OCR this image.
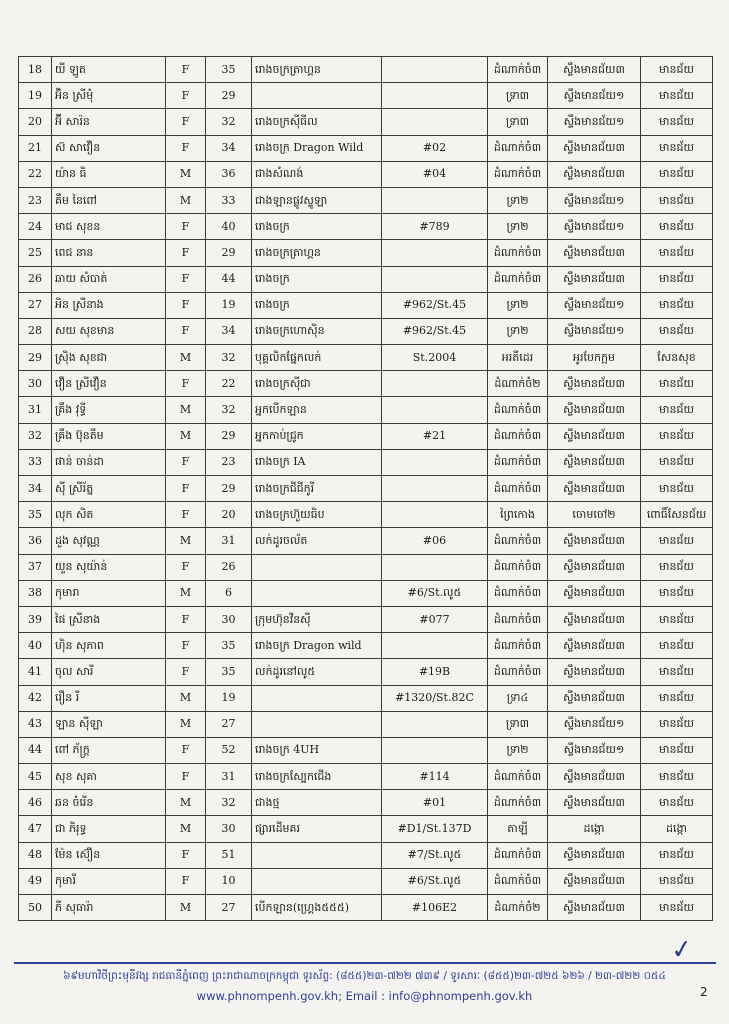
18	យី ឡូត	F	35	រោងចក្រត្រាហ្គន		ដំណាក់ចំ៣	ស្ទឹងមានជ័យ៣	មានជ័យ
19	អ៊ិន ស្រីមុំ	F	29			ទ្រា៣	ស្ទឹងមានជ័យ១	មានជ័យ
20	អ៊ី សារ៉ន	F	32	រោងចក្រស៊ីធីល		ទ្រា៣	ស្ទឹងមានជ័យ១	មានជ័យ
21	ស៊ សាវឿន	F	34	រោងចក្រ Dragon Wild	#02	ដំណាក់ចំ៣	ស្ទឹងមានជ័យ៣	មានជ័យ
22	យ៉ាន ធិ	M	36	ជាងសំណង់	#04	ដំណាក់ចំ៣	ស្ទឹងមានជ័យ៣	មានជ័យ
23	គឹម នៃពៅ	M	33	ជាងឡានផ្លូវស្ទូឡា		ទ្រា២	ស្ទឹងមានជ័យ១	មានជ័យ
24	មាជ សុខន	F	40	រោងចក្រ	#789	ទ្រា២	ស្ទឹងមានជ័យ១	មានជ័យ
25	ពេជ នាន	F	29	រោងចក្រត្រាហ្គន		ដំណាក់ចំ៣	ស្ទឹងមានជ័យ៣	មានជ័យ
26	ឆាយ សំបាត់	F	44	រោងចក្រ		ដំណាក់ចំ៣	ស្ទឹងមានជ័យ៣	មានជ័យ
27	អិន ស្រីនាង	F	19	រោងចក្រ	#962/St.45	ទ្រា២	ស្ទឹងមានជ័យ១	មានជ័យ
28	សយ សុខមាន	F	34	រោងចក្រហោស៊ិន	#962/St.45	ទ្រា២	ស្ទឹងមានជ័យ១	មានជ័យ
29	ស្រ៊ិង សុខជា	M	32	បុគ្គលិកផ្នែកលក់	St.2004	អរតីដេរ	អូរបែកក្អម	សែនសុខ
30	វឿន ស្រីវឿន	F	22	រោងចក្រស៊ីជា		ដំណាក់ចំ២	ស្ទឹងមានជ័យ៣	មានជ័យ
31	គ្រឹង វុទ្ធី	M	32	អ្នកបើកឡាន		ដំណាក់ចំ៣	ស្ទឹងមានជ័យ៣	មានជ័យ
32	គ្រឹង ប៊ុនតឹម	M	29	អ្នកកាប់ជ្រូក	#21	ដំណាក់ចំ៣	ស្ទឹងមានជ័យ៣	មានជ័យ
33	ផាន់ ចាន់ដា	F	23	រោងចក្រ IA		ដំណាក់ចំ៣	ស្ទឹងមានជ័យ៣	មានជ័យ
34	ស៊ី ស្រីរ័ត្ន	F	29	រោងចក្រជីជីកូរី		ដំណាក់ចំ៣	ស្ទឹងមានជ័យ៣	មានជ័យ
35	លុក សិត	F	20	រោងចក្រហ៊ួយធិប		ព្រៃកោង	ចោមចៅ២	ពោធិ៍សែនជ័យ
36	ដួង សុវណ្ណ	M	31	លក់ដូរចល័ត	#06	ដំណាក់ចំ៣	ស្ទឹងមានជ័យ៣	មានជ័យ
37	យួន សុយ៉ាន់	F	26			ដំណាក់ចំ៣	ស្ទឹងមានជ័យ៣	មានជ័យ
38	កុមារា	M	6		#6/St.លូ៥	ដំណាក់ចំ៣	ស្ទឹងមានជ័យ៣	មានជ័យ
39	ផៃ ស្រីនាង	F	30	ក្រុមហ៊ុនវីនស៊ី	#077	ដំណាក់ចំ៣	ស្ទឹងមានជ័យ៣	មានជ័យ
40	ហ៊ិន សុភាព	F	35	រោងចក្រ Dragon wild		ដំណាក់ចំ៣	ស្ទឹងមានជ័យ៣	មានជ័យ
41	ចុល សារី	F	35	លក់ដូរនៅលូ៥	#19B	ដំណាក់ចំ៣	ស្ទឹងមានជ័យ៣	មានជ័យ
42	រឿន រី	M	19		#1320/St.82C	ទ្រា៤	ស្ទឹងមានជ័យ៣	មានជ័យ
43	ឡាន ស៊ីឡា	M	27			ទ្រា៣	ស្ទឹងមានជ័យ១	មានជ័យ
44	ពៅ ភ័ក្ត្រ	F	52	រោងចក្រ 4UH		ទ្រា២	ស្ទឹងមានជ័យ១	មានជ័យ
45	សុខ សុគា	F	31	រោងចក្រស្បែកជើង	#114	ដំណាក់ចំ៣	ស្ទឹងមានជ័យ៣	មានជ័យ
46	ឆន ចំរើន	M	32	ជាងថ្ម	#01	ដំណាក់ចំ៣	ស្ទឹងមានជ័យ៣	មានជ័យ
47	ជា ភិរុទ្ធ	M	30	ផ្សារដើមគរ	#D1/St.137D	តាឡី	ដង្កោ	ដង្កោ
48	ម៉ែន ស៊ឿន	F	51		#7/St.លូ៥	ដំណាក់ចំ៣	ស្ទឹងមានជ័យ៣	មានជ័យ
49	កុមារី	F	10		#6/St.លូ៥	ដំណាក់ចំ៣	ស្ទឹងមានជ័យ៣	មានជ័យ
50	ភី សុធារ៉ា	M	27	បើកឡាន(ហ្គ្រេង៥៥៥)	#106E2	ដំណាក់ចំ២	ស្ទឹងមានជ័យ៣	មានជ័យ
✓
៦៩មហាវិថីព្រះមុនីវង្ស រាជធានីភ្នំពេញ ព្រះរាជាណាចក្រកម្ពុជា ទូរស័ព្ទ: (៨៥៥)២៣-៧២២ ៧៣៩ / ទូរសារៈ (៨៥៥)២៣-៧២៥ ៦២៦ / ២៣-៧២២ ០៥៤
www.phnompenh.gov.kh; Email : info@phnompenh.gov.kh	2
